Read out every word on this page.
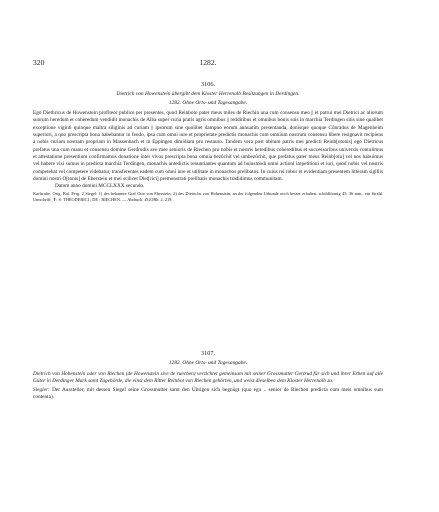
320	1282.
3106.
Dietrich von Howenstein übergibt dem Kloster Herrenalb Besitzungen in Derdingen.
1282. Ohne Orts- und Tagesangabe.
Ego Diethricus de Howenstein profiteor publice per presentes, quod Reinboto pater meus miles de Riechin una cum consensu meo || et patrui mei Dietrici ac aliorum suorum heredum et coheredum vendidit monachis de Alba super curia pratis agris omnibus || redditibus et omnibus bonis suis in marchia Terdingen sitis sine qualibet exceptione viginti quinque maltra siliginis ad curiam || ipsorum sine quolibet dampno eorum annuatim presentanda, donisque quoque Cůnradus de Magenheim superiori, a quo prescripta bona habebantur in feodo, ipsa cum omni iure et proprietate predictis monachis cum omnium nostrum consensu libere resignavit recipiens a nobis curiam nostram propriam in Massenbach et in Eppingen dimidiam pro restauro. Tandem vero post obitum patris mei predicti Reinb[otonis] ego Dietricus prefatus una cum manu et consensu domine Gerdrudis ave mee senioris de Riechen pro nobis et nostris heredibus coheredibus et successoribus universis contulimus et attestatione presentium confirmamus donatione inter vivos prescripta bona omnia bezůchit vel umbezůchit, que prefatus pater meus Reinb[oto] vel nos habuimus vel habere visi sumus in predicta marchia Terdingen, monachis antedictis renuntiantes quantum ad huiusmodi omni actioni impetitioni et iuri, quod nobis vel nostris competebat vel competere videbatur, transferentes eadem cum omni iure et utilitate in monachos prelibatos. In cuius rei robur et evidentiam presentem litteram sigillis domini nostri O[tonis] de Eberstein et mei scilicet Diet[rici] premonstrati prelibatis monachis tradidimus communitam.
Datum anno domini MCCLXXX secundo.
Karlsruhe. Orig. Bal. Perg. 2 Siegel: 1) des bekannte Graf Otto von Eberstein; 2) des Dietrichs von Hohenstein, an der folgenden Urkunde noch besser erhalten, schildförmig 45, 36 mm., ein Strahl. Umschrift: ✝: S: THEODERICI : DE : RIECHEN. — Abdruck: ZGORh. 2, 219.
3107.
1282. Ohne Orts- und Tagesangabe.
Dietrich von Hohenstein oder von Riechen (de Howenstein sive de ruechen) verzichtet gemeinsam mit seiner Grossmutter Gertrud für sich und ihrer Erben auf alle Güter in Derdinger Mark samt Zugehörde, die einst dem Ritter Reinbot von Riechen gehörten, und weist dieselben dem Kloster Herrenalb zu.
Siegler: Der Aussteller, mit dessen Siegel seine Grossmutter samt den Übrigen sich begnügt (quo ego .. senior de Riechen predicta cum meis omnibus sum contenta).
